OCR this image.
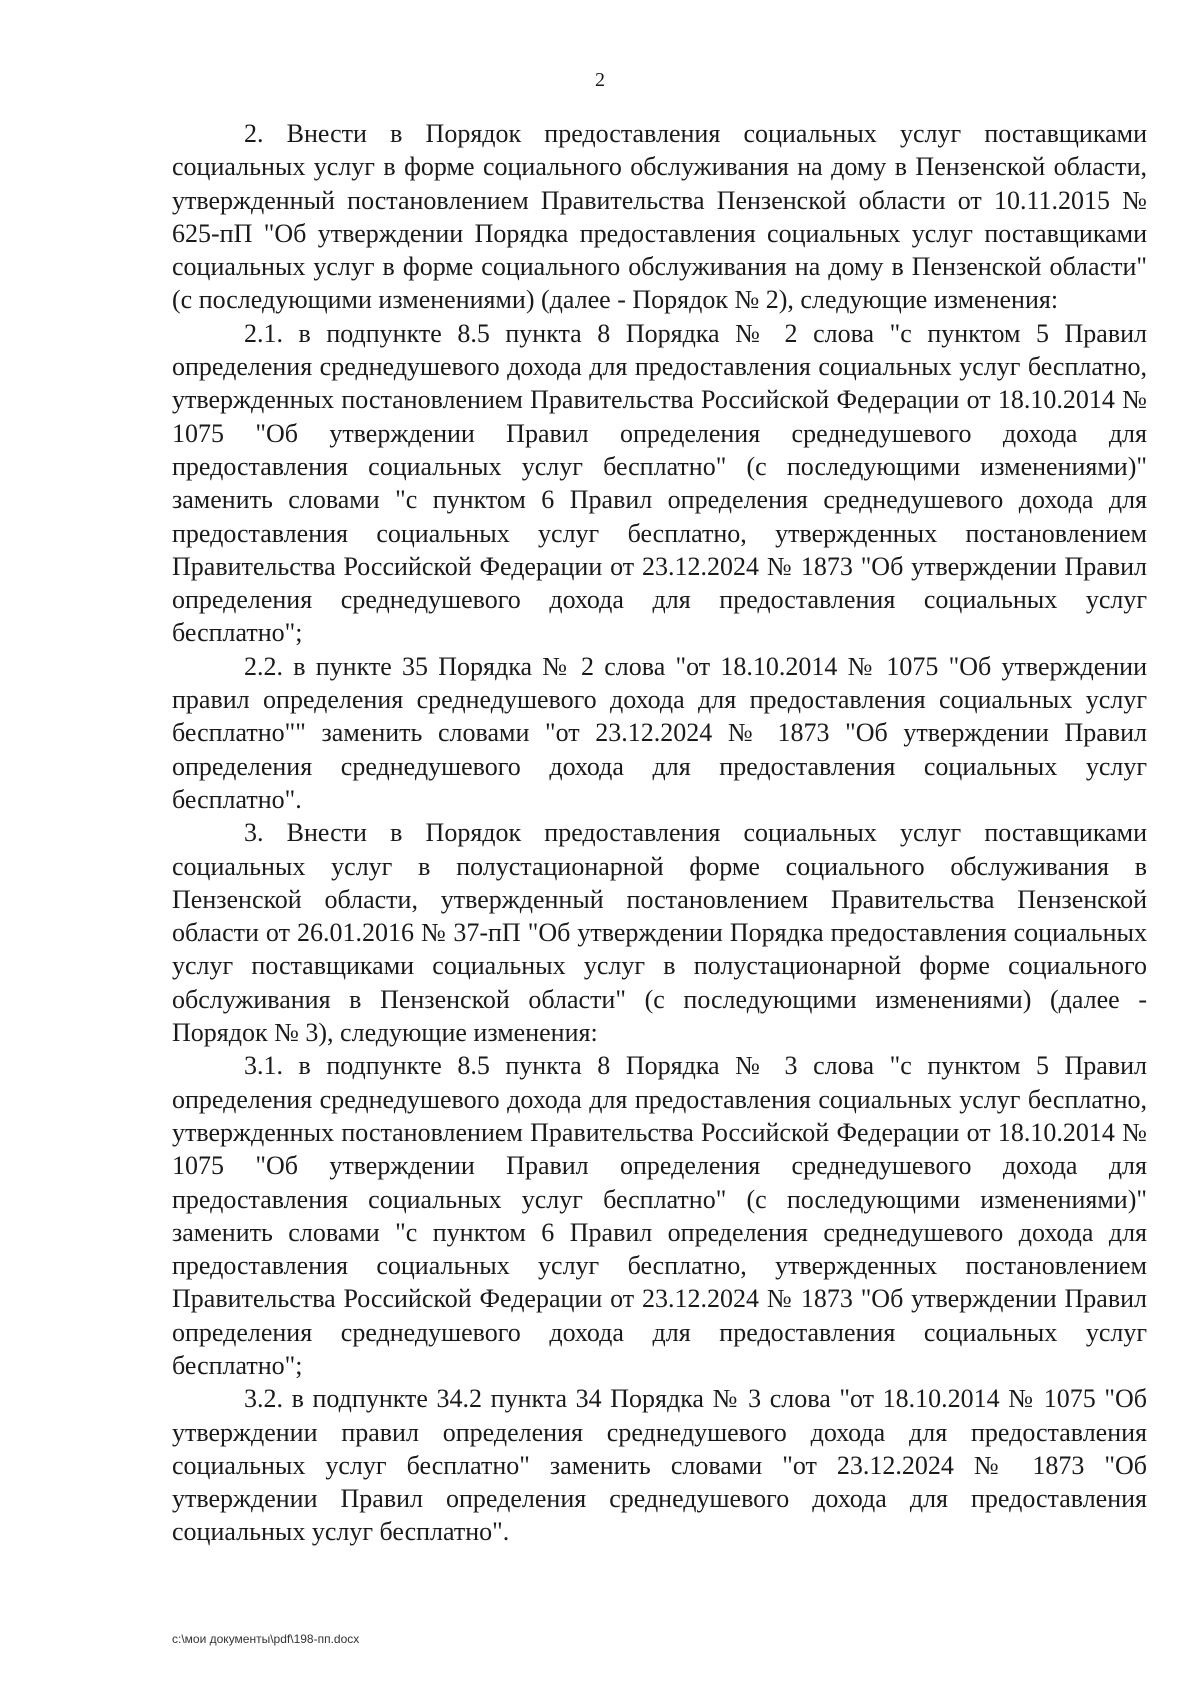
2

2. Внести в Порядок предоставления социальных услуг поставщиками социальных услуг в форме социального обслуживания на дому в Пензенской области, утвержденный постановлением Правительства Пензенской области от 10.11.2015 № 625-пП "Об утверждении Порядка предоставления социальных услуг поставщиками социальных услуг в форме социального обслуживания на дому в Пензенской области" (с последующими изменениями) (далее - Порядок № 2), следующие изменения:

2.1. в подпункте 8.5 пункта 8 Порядка № 2 слова "с пунктом 5 Правил определения среднедушевого дохода для предоставления социальных услуг бесплатно, утвержденных постановлением Правительства Российской Федерации от 18.10.2014 № 1075 "Об утверждении Правил определения среднедушевого дохода для предоставления социальных услуг бесплатно" (с последующими изменениями)" заменить словами "с пунктом 6 Правил определения среднедушевого дохода для предоставления социальных услуг бесплатно, утвержденных постановлением Правительства Российской Федерации от 23.12.2024 № 1873 "Об утверждении Правил определения среднедушевого дохода для предоставления социальных услуг бесплатно";

2.2. в пункте 35 Порядка № 2 слова "от 18.10.2014 № 1075 "Об утверждении правил определения среднедушевого дохода для предоставления социальных услуг бесплатно"" заменить словами "от 23.12.2024 № 1873 "Об утверждении Правил определения среднедушевого дохода для предоставления социальных услуг бесплатно".

3. Внести в Порядок предоставления социальных услуг поставщиками социальных услуг в полустационарной форме социального обслуживания в Пензенской области, утвержденный постановлением Правительства Пензенской области от 26.01.2016 № 37-пП "Об утверждении Порядка предоставления социальных услуг поставщиками социальных услуг в полустационарной форме социального обслуживания в Пензенской области" (с последующими изменениями) (далее - Порядок № 3), следующие изменения:

3.1. в подпункте 8.5 пункта 8 Порядка № 3 слова "с пунктом 5 Правил определения среднедушевого дохода для предоставления социальных услуг бесплатно, утвержденных постановлением Правительства Российской Федерации от 18.10.2014 № 1075 "Об утверждении Правил определения среднедушевого дохода для предоставления социальных услуг бесплатно" (с последующими изменениями)" заменить словами "с пунктом 6 Правил определения среднедушевого дохода для предоставления социальных услуг бесплатно, утвержденных постановлением Правительства Российской Федерации от 23.12.2024 № 1873 "Об утверждении Правил определения среднедушевого дохода для предоставления социальных услуг бесплатно";

3.2. в подпункте 34.2 пункта 34 Порядка № 3 слова "от 18.10.2014 № 1075 "Об утверждении правил определения среднедушевого дохода для предоставления социальных услуг бесплатно" заменить словами "от 23.12.2024 № 1873 "Об утверждении Правил определения среднедушевого дохода для предоставления социальных услуг бесплатно".

c:\мои документы\pdf\198-пп.docx
